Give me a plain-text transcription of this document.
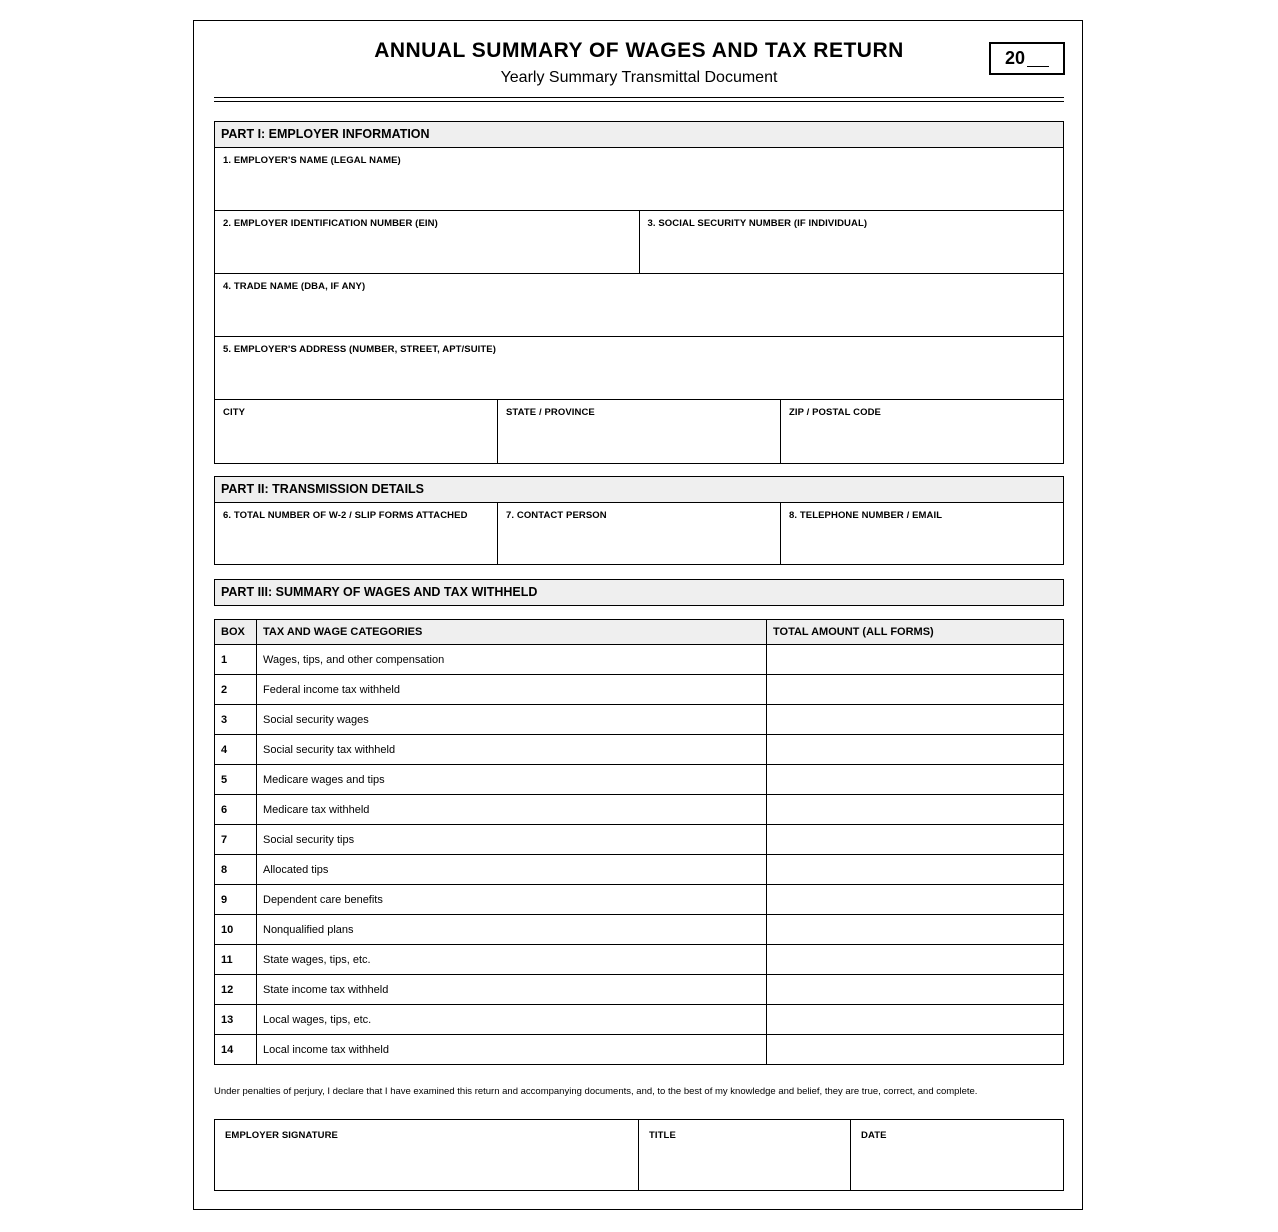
ANNUAL SUMMARY OF WAGES AND TAX RETURN
Yearly Summary Transmittal Document
20
PART I: EMPLOYER INFORMATION
1. EMPLOYER'S NAME (LEGAL NAME)
2. EMPLOYER IDENTIFICATION NUMBER (EIN)	3. SOCIAL SECURITY NUMBER (IF INDIVIDUAL)
4. TRADE NAME (DBA, IF ANY)
5. EMPLOYER'S ADDRESS (NUMBER, STREET, APT/SUITE)
CITY	STATE / PROVINCE	ZIP / POSTAL CODE
PART II: TRANSMISSION DETAILS
6. TOTAL NUMBER OF W-2 / SLIP FORMS ATTACHED	7. CONTACT PERSON	8. TELEPHONE NUMBER / EMAIL
PART III: SUMMARY OF WAGES AND TAX WITHHELD
BOX	TAX AND WAGE CATEGORIES	TOTAL AMOUNT (ALL FORMS)
1	Wages, tips, and other compensation	
2	Federal income tax withheld	
3	Social security wages	
4	Social security tax withheld	
5	Medicare wages and tips	
6	Medicare tax withheld	
7	Social security tips	
8	Allocated tips	
9	Dependent care benefits	
10	Nonqualified plans	
11	State wages, tips, etc.	
12	State income tax withheld	
13	Local wages, tips, etc.	
14	Local income tax withheld	
Under penalties of perjury, I declare that I have examined this return and accompanying documents, and, to the best of my knowledge and belief, they are true, correct, and complete.
EMPLOYER SIGNATURE	TITLE	DATE
